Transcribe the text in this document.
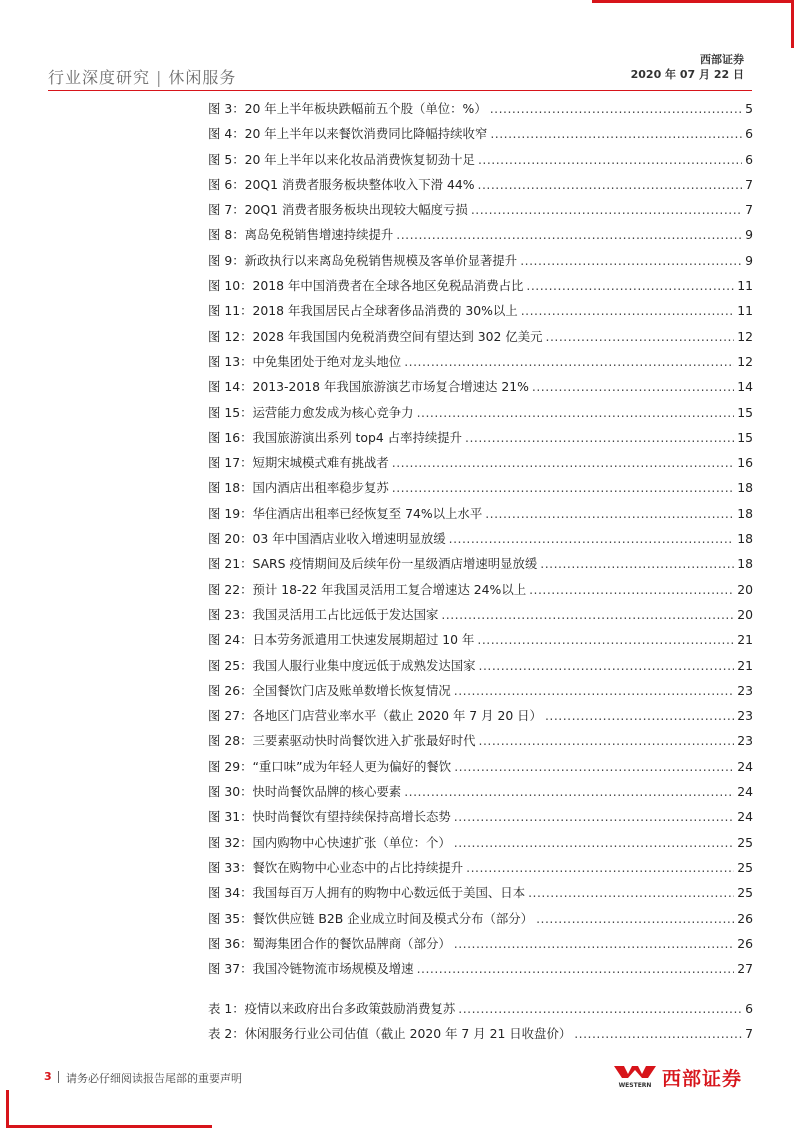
行业深度研究 | 休闲服务
西部证券
2020 年 07 月 22 日
图 3：20 年上半年板块跌幅前五个股（单位：%） .....	5
图 4：20 年上半年以来餐饮消费同比降幅持续收窄 .....	6
图 5：20 年上半年以来化妆品消费恢复韧劲十足 .....	6
图 6：20Q1 消费者服务板块整体收入下滑 44% .....	7
图 7：20Q1 消费者服务板块出现较大幅度亏损 .....	7
图 8：离岛免税销售增速持续提升 .....	9
图 9：新政执行以来离岛免税销售规模及客单价显著提升 .....	9
图 10：2018 年中国消费者在全球各地区免税品消费占比 .....	11
图 11：2018 年我国居民占全球奢侈品消费的 30%以上 .....	11
图 12：2028 年我国国内免税消费空间有望达到 302 亿美元 .....	12
图 13：中免集团处于绝对龙头地位 .....	12
图 14：2013-2018 年我国旅游演艺市场复合增速达 21% .....	14
图 15：运营能力愈发成为核心竞争力 .....	15
图 16：我国旅游演出系列 top4 占率持续提升 .....	15
图 17：短期宋城模式难有挑战者 .....	16
图 18：国内酒店出租率稳步复苏 .....	18
图 19：华住酒店出租率已经恢复至 74%以上水平 .....	18
图 20：03 年中国酒店业收入增速明显放缓 .....	18
图 21：SARS 疫情期间及后续年份一星级酒店增速明显放缓 .....	18
图 22：预计 18-22 年我国灵活用工复合增速达 24%以上 .....	20
图 23：我国灵活用工占比远低于发达国家 .....	20
图 24：日本劳务派遣用工快速发展期超过 10 年 .....	21
图 25：我国人服行业集中度远低于成熟发达国家 .....	21
图 26：全国餐饮门店及账单数增长恢复情况 .....	23
图 27：各地区门店营业率水平（截止 2020 年 7 月 20 日） .....	23
图 28：三要素驱动快时尚餐饮进入扩张最好时代 .....	23
图 29：“重口味”成为年轻人更为偏好的餐饮 .....	24
图 30：快时尚餐饮品牌的核心要素 .....	24
图 31：快时尚餐饮有望持续保持高增长态势 .....	24
图 32：国内购物中心快速扩张（单位：个） .....	25
图 33：餐饮在购物中心业态中的占比持续提升 .....	25
图 34：我国每百万人拥有的购物中心数远低于美国、日本 .....	25
图 35：餐饮供应链 B2B 企业成立时间及模式分布（部分） .....	26
图 36：蜀海集团合作的餐饮品牌商（部分） .....	26
图 37：我国冷链物流市场规模及增速 .....	27
表 1：疫情以来政府出台多政策鼓励消费复苏 .....	6
表 2：休闲服务行业公司估值（截止 2020 年 7 月 21 日收盘价） .....	7
3 请务必仔细阅读报告尾部的重要声明
WESTERN 西部证券
